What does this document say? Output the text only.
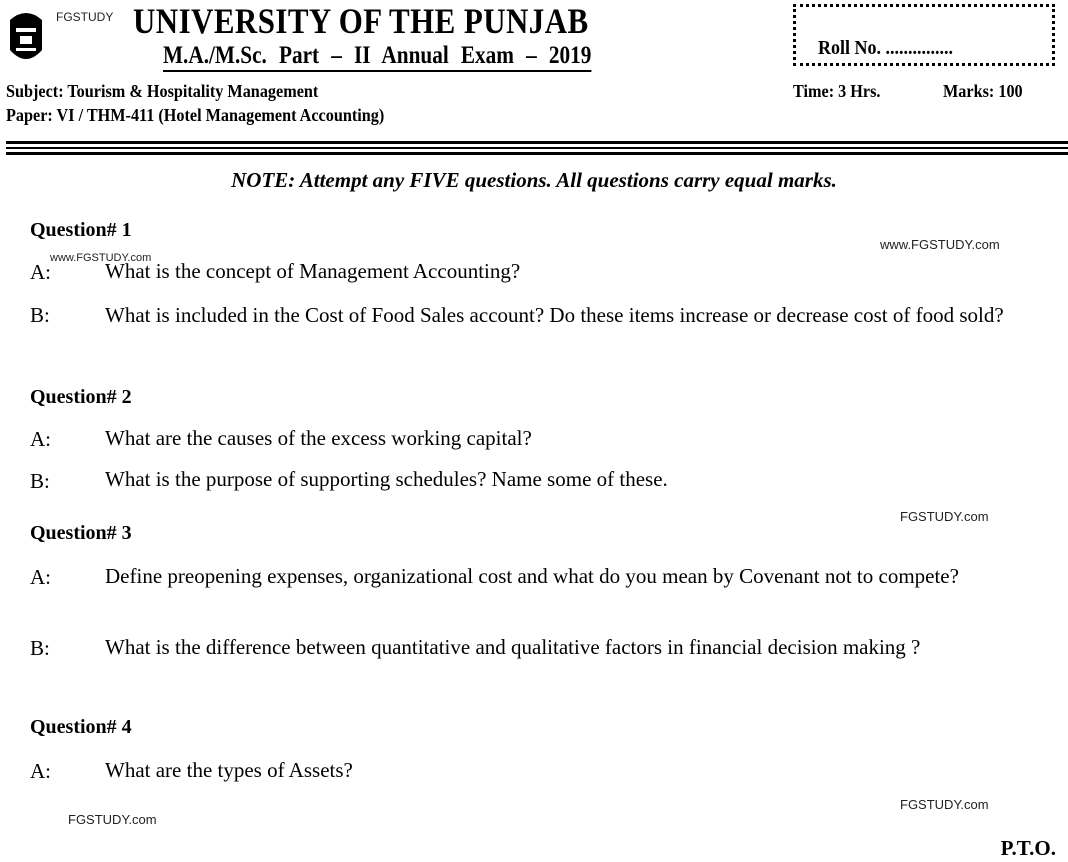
FGSTUDY UNIVERSITY OF THE PUNJAB
M.A./M.Sc. Part – II Annual Exam – 2019
Subject: Tourism & Hospitality Management
Paper: VI / THM-411 (Hotel Management Accounting)
Roll No. ...............
Time: 3 Hrs.	Marks: 100
NOTE: Attempt any FIVE questions. All questions carry equal marks.
Question# 1
www.FGSTUDY.com
www.FGSTUDY.com
A:	What is the concept of Management Accounting?
B:	What is included in the Cost of Food Sales account? Do these items increase or decrease cost of food sold?
Question# 2
A:	What are the causes of the excess working capital?
B:	What is the purpose of supporting schedules? Name some of these.
FGSTUDY.com
Question# 3
A:	Define preopening expenses, organizational cost and what do you mean by Covenant not to compete?
B:	What is the difference between quantitative and qualitative factors in financial decision making ?
Question# 4
A:	What are the types of Assets?
FGSTUDY.com
FGSTUDY.com
P.T.O.
